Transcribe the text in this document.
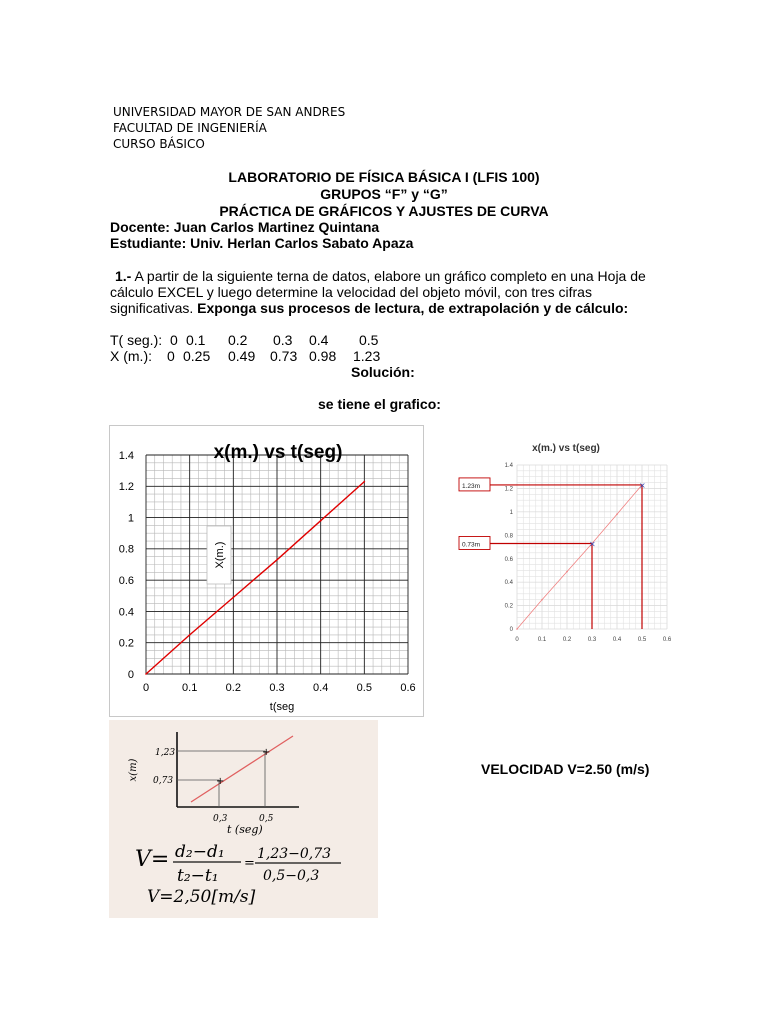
UNIVERSIDAD MAYOR DE SAN ANDRES
FACULTAD DE INGENIERÍA
CURSO BÁSICO
LABORATORIO DE FÍSICA BÁSICA I (LFIS 100)
GRUPOS “F” y “G”
PRÁCTICA DE GRÁFICOS Y AJUSTES DE CURVA
Docente: Juan Carlos Martinez Quintana
Estudiante: Univ. Herlan Carlos Sabato Apaza
1.- A partir de la siguiente terna de datos, elabore un gráfico completo en una Hoja de cálculo EXCEL y luego determine la velocidad del objeto móvil, con tres cifras significativas. Exponga sus procesos de lectura, de extrapolación y de cálculo:
T( seg.): 0 0.1 0.2 0.3 0.4 0.5
X (m.): 0 0.25 0.49 0.73 0.98 1.23
Solución:
se tiene el grafico:
0	0.1	0.2	0.3	0.4	0.5	0.6
0
0.2
0.4
0.6
0.8
1
1.2
1.4	x(m.) vs t(seg)
t(seg
X(m.)
x(m.) vs t(seg)
0	0.1	0.2	0.3	0.4	0.5	0.6
0
0.2
0.4
0.6
0.8
1
1.2
1.4
1.23m	×
0.73m	×
+
+
x(m)
1,23
0,73
0,3	0,5
t (seg)
V= d₂−d₁
t₂−t₁
=
1,23−0,73
0,5−0,3
V=2,50[m/s]
VELOCIDAD V=2.50 (m/s)
